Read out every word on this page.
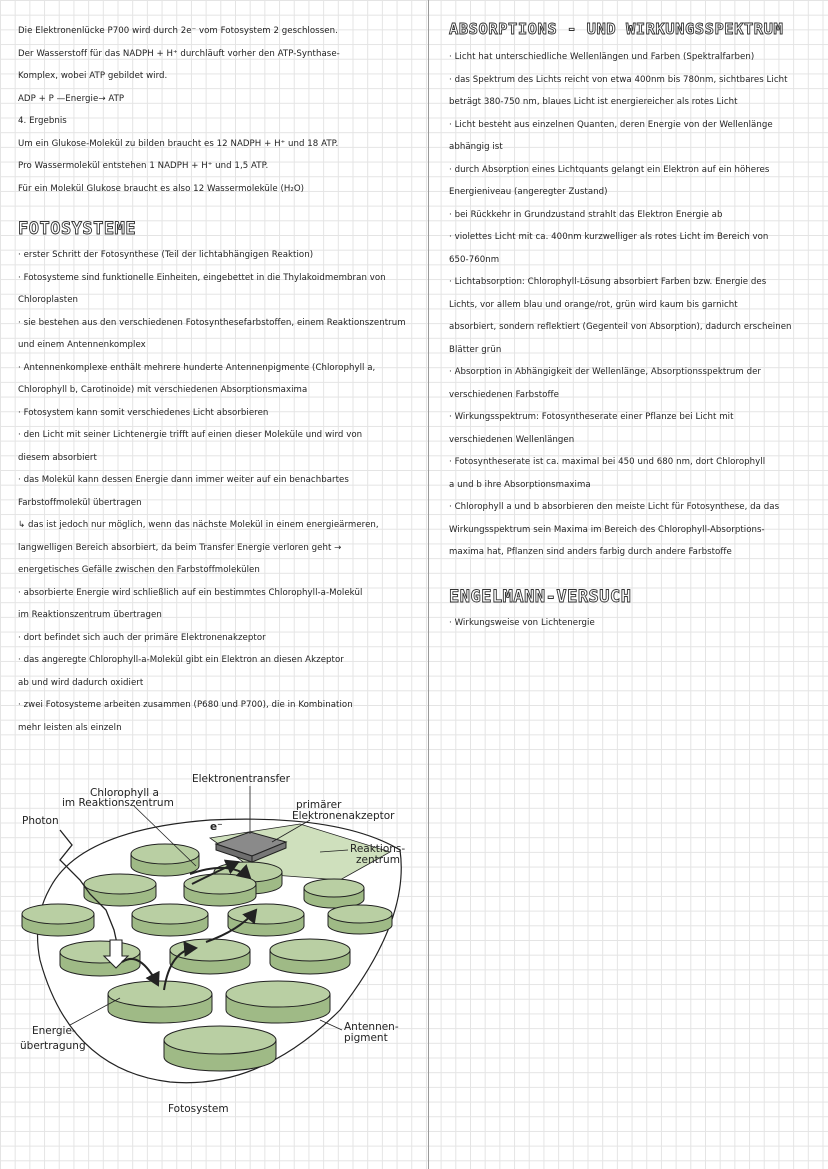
Die Elektronenlücke P700 wird durch 2e⁻ vom Fotosystem 2 geschlossen.
Der Wasserstoff für das NADPH + H⁺ durchläuft vorher den ATP-Synthase-
Komplex, wobei ATP gebildet wird.
ADP + P —Energie→ ATP
4. Ergebnis
Um ein Glukose-Molekül zu bilden braucht es 12 NADPH + H⁺ und 18 ATP.
Pro Wassermolekül entstehen 1 NADPH + H⁺ und 1,5 ATP.
Für ein Molekül Glukose braucht es also 12 Wassermoleküle (H₂O)
FOTOSYSTEME
· erster Schritt der Fotosynthese (Teil der lichtabhängigen Reaktion)
· Fotosysteme sind funktionelle Einheiten, eingebettet in die Thylakoidmembran von
Chloroplasten
· sie bestehen aus den verschiedenen Fotosynthesefarbstoffen, einem Reaktionszentrum
und einem Antennenkomplex
· Antennenkomplexe enthält mehrere hunderte Antennenpigmente (Chlorophyll a,
Chlorophyll b, Carotinoide) mit verschiedenen Absorptionsmaxima
· Fotosystem kann somit verschiedenes Licht absorbieren
· den Licht mit seiner Lichtenergie trifft auf einen dieser Moleküle und wird von
diesem absorbiert
· das Molekül kann dessen Energie dann immer weiter auf ein benachbartes
Farbstoffmolekül übertragen
↳ das ist jedoch nur möglich, wenn das nächste Molekül in einem energieärmeren,
langwelligen Bereich absorbiert, da beim Transfer Energie verloren geht →
energetisches Gefälle zwischen den Farbstoffmolekülen
· absorbierte Energie wird schließlich auf ein bestimmtes Chlorophyll-a-Molekül
im Reaktionszentrum übertragen
· dort befindet sich auch der primäre Elektronenakzeptor
· das angeregte Chlorophyll-a-Molekül gibt ein Elektron an diesen Akzeptor
ab und wird dadurch oxidiert
· zwei Fotosysteme arbeiten zusammen (P680 und P700), die in Kombination
mehr leisten als einzeln
ABSORPTIONS - UND WIRKUNGSSPEKTRUM
· Licht hat unterschiedliche Wellenlängen und Farben (Spektralfarben)
· das Spektrum des Lichts reicht von etwa 400nm bis 780nm, sichtbares Licht
beträgt 380-750 nm, blaues Licht ist energiereicher als rotes Licht
· Licht besteht aus einzelnen Quanten, deren Energie von der Wellenlänge
abhängig ist
· durch Absorption eines Lichtquants gelangt ein Elektron auf ein höheres
Energieniveau (angeregter Zustand)
· bei Rückkehr in Grundzustand strahlt das Elektron Energie ab
· violettes Licht mit ca. 400nm kurzwelliger als rotes Licht im Bereich von
650-760nm
· Lichtabsorption: Chlorophyll-Lösung absorbiert Farben bzw. Energie des
Lichts, vor allem blau und orange/rot, grün wird kaum bis garnicht
absorbiert, sondern reflektiert (Gegenteil von Absorption), dadurch erscheinen
Blätter grün
· Absorption in Abhängigkeit der Wellenlänge, Absorptionsspektrum der
verschiedenen Farbstoffe
· Wirkungsspektrum: Fotosyntheserate einer Pflanze bei Licht mit
verschiedenen Wellenlängen
· Fotosyntheserate ist ca. maximal bei 450 und 680 nm, dort Chlorophyll
a und b ihre Absorptionsmaxima
· Chlorophyll a und b absorbieren den meiste Licht für Fotosynthese, da das
Wirkungsspektrum sein Maxima im Bereich des Chlorophyll-Absorptions-
maxima hat, Pflanzen sind anders farbig durch andere Farbstoffe
ENGELMANN-VERSUCH
· Wirkungsweise von Lichtenergie
Elektronentransfer
Chlorophyll a
im Reaktionszentrum
Photon	e⁻
primärer
Elektronenakzeptor
Reaktions-
zentrum
Energie-
übertragung
Antennen-
pigment
Fotosystem
